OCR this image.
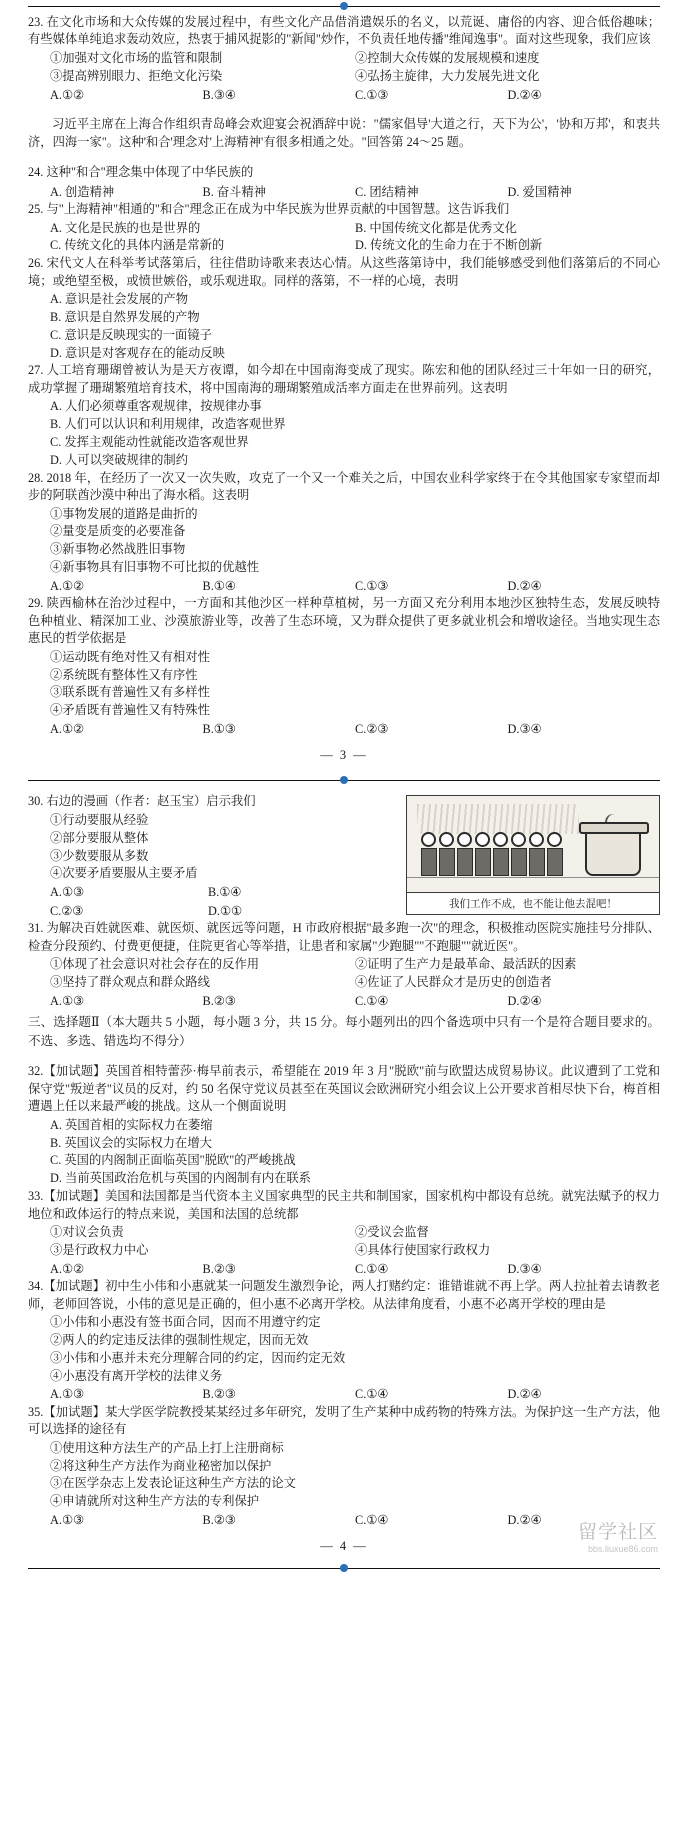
23. 在文化市场和大众传媒的发展过程中，有些文化产品借消遣娱乐的名义，以荒诞、庸俗的内容、迎合低俗趣味；有些媒体单纯追求轰动效应，热衷于捕风捉影的"新闻"炒作，不负责任地传播"维闻逸事"。面对这些现象，我们应该

①加强对文化市场的监管和限制	②控制大众传媒的发展规模和速度
③提高辨别眼力、拒绝文化污染	④弘扬主旋律，大力发展先进文化
A.①②	B.③④	C.①③	D.②④

习近平主席在上海合作组织青岛峰会欢迎宴会祝酒辞中说："儒家倡导'大道之行，天下为公'，'协和万邦'，和衷共济，四海一家"。这种'和合'理念对'上海精神'有很多相通之处。"回答第 24～25 题。

24. 这种"和合"理念集中体现了中华民族的

A. 创造精神	B. 奋斗精神	C. 团结精神	D. 爱国精神

25. 与"上海精神"相通的"和合"理念正在成为中华民族为世界贡献的中国智慧。这告诉我们

A. 文化是民族的也是世界的	B. 中国传统文化都是优秀文化
C. 传统文化的具体内涵是常新的	D. 传统文化的生命力在于不断创新

26. 宋代文人在科举考试落第后，往往借助诗歌来表达心情。从这些落第诗中，我们能够感受到他们落第后的不同心境；或绝望至极，或愤世嫉俗，或乐观进取。同样的落第，不一样的心境，表明

A. 意识是社会发展的产物
B. 意识是自然界发展的产物
C. 意识是反映现实的一面镜子
D. 意识是对客观存在的能动反映

27. 人工培育珊瑚曾被认为是天方夜谭，如今却在中国南海变成了现实。陈宏和他的团队经过三十年如一日的研究，成功掌握了珊瑚繁殖培育技术，将中国南海的珊瑚繁殖成活率方面走在世界前列。这表明

A. 人们必须尊重客观规律，按规律办事
B. 人们可以认识和利用规律，改造客观世界
C. 发挥主观能动性就能改造客观世界
D. 人可以突破规律的制约

28. 2018 年，在经历了一次又一次失败，攻克了一个又一个难关之后，中国农业科学家终于在令其他国家专家望而却步的阿联酋沙漠中种出了海水稻。这表明

①事物发展的道路是曲折的
②量变是质变的必要准备
③新事物必然战胜旧事物
④新事物具有旧事物不可比拟的优越性
A.①②	B.①④	C.①③	D.②④

29. 陕西榆林在治沙过程中，一方面和其他沙区一样种草植树，另一方面又充分利用本地沙区独特生态，发展反映特色种植业、精深加工业、沙漠旅游业等，改善了生态环境，又为群众提供了更多就业机会和增收途径。当地实现生态惠民的哲学依据是

①运动既有绝对性又有相对性
②系统既有整体性又有序性
③联系既有普遍性又有多样性
④矛盾既有普遍性又有特殊性
A.①②	B.①③	C.②③	D.③④
— 3 —
我们工作不成，也不能让他去混吧！

30. 右边的漫画（作者：赵玉宝）启示我们

①行动要服从经验
②部分要服从整体
③少数要服从多数
④次要矛盾要服从主要矛盾
A.①③	B.①④
C.②③	D.①①

31. 为解决百姓就医难、就医烦、就医远等问题，H 市政府根据"最多跑一次"的理念，积极推动医院实施挂号分排队、检查分段预约、付费更便捷，住院更省心等举措，让患者和家属"少跑腿""不跑腿""就近医"。

①体现了社会意识对社会存在的反作用	②证明了生产力是最革命、最活跃的因素
③坚持了群众观点和群众路线	④佐证了人民群众才是历史的创造者
A.①③	B.②③	C.①④	D.②④

三、选择题Ⅱ（本大题共 5 小题，每小题 3 分，共 15 分。每小题列出的四个备选项中只有一个是符合题目要求的。不选、多选、错选均不得分）

32.【加试题】英国首相特蕾莎·梅早前表示，希望能在 2019 年 3 月"脱欧"前与欧盟达成贸易协议。此议遭到了工党和保守党"叛逆者"议员的反对，约 50 名保守党议员甚至在英国议会欧洲研究小组会议上公开要求首相尽快下台，梅首相遭遇上任以来最严峻的挑战。这从一个侧面说明

A. 英国首相的实际权力在萎缩
B. 英国议会的实际权力在增大
C. 英国的内阁制正面临英国"脱欧"的严峻挑战
D. 当前英国政治危机与英国的内阁制有内在联系

33.【加试题】美国和法国都是当代资本主义国家典型的民主共和制国家，国家机构中都设有总统。就宪法赋予的权力地位和政体运行的特点来说，美国和法国的总统都

①对议会负责	②受议会监督
③是行政权力中心	④具体行使国家行政权力
A.①②	B.②③	C.①④	D.③④

34.【加试题】初中生小伟和小惠就某一问题发生激烈争论，两人打赌约定：谁错谁就不再上学。两人拉扯着去请教老师，老师回答说，小伟的意见是正确的，但小惠不必离开学校。从法律角度看，小惠不必离开学校的理由是

①小伟和小惠没有签书面合同，因而不用遵守约定
②两人的约定违反法律的强制性规定，因而无效
③小伟和小惠并未充分理解合同的约定，因而约定无效
④小惠没有离开学校的法律义务
A.①③	B.②③	C.①④	D.②④

35.【加试题】某大学医学院教授某某经过多年研究，发明了生产某种中成药物的特殊方法。为保护这一生产方法，他可以选择的途径有

①使用这种方法生产的产品上打上注册商标
②将这种生产方法作为商业秘密加以保护
③在医学杂志上发表论证这种生产方法的论文
④申请就所对这种生产方法的专利保护
A.①③	B.②③	C.①④	D.②④
— 4 —
留学社区
bbs.liuxue86.com
